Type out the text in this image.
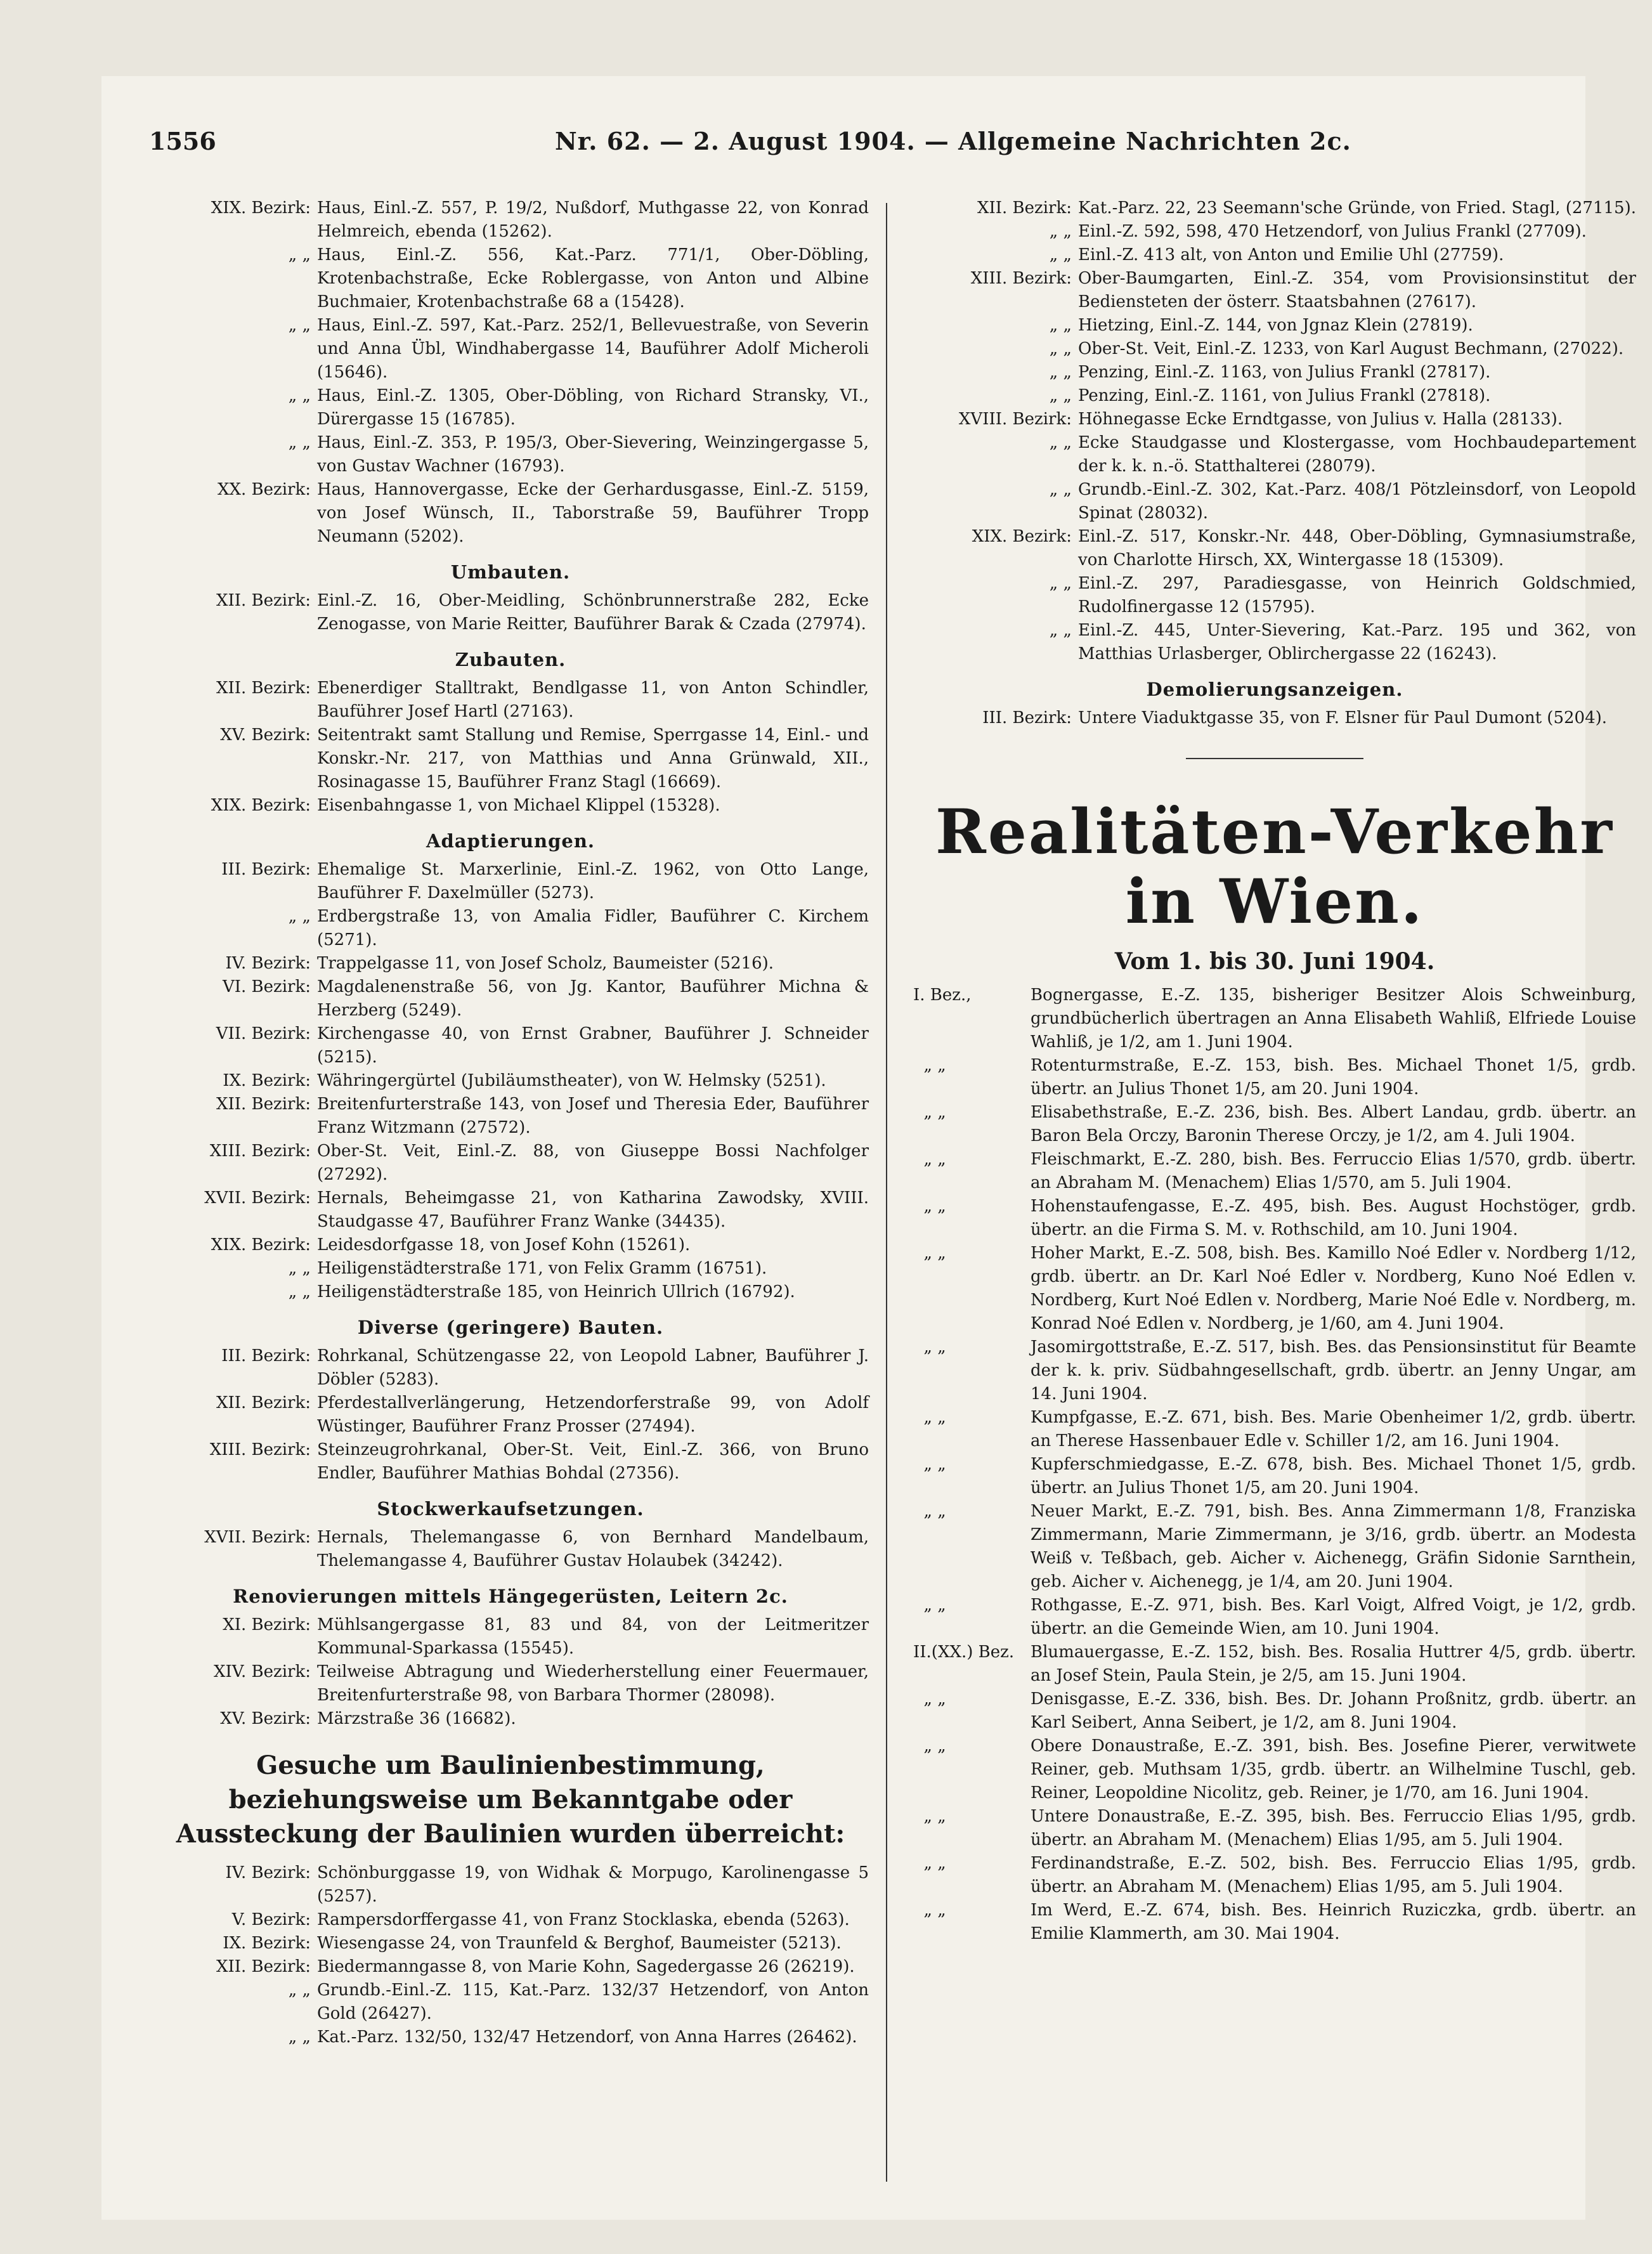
1556	Nr. 62. — 2. August 1904. — Allgemeine Nachrichten 2c.
XIX. Bezirk: Haus, Einl.-Z. 557, P. 19/2, Nußdorf, Muthgasse 22, von Konrad Helmreich, ebenda (15262).
„ „ Haus, Einl.-Z. 556, Kat.-Parz. 771/1, Ober-Döbling, Krotenbachstraße, Ecke Roblergasse, von Anton und Albine Buchmaier, Krotenbachstraße 68 a (15428).
„ „ Haus, Einl.-Z. 597, Kat.-Parz. 252/1, Bellevuestraße, von Severin und Anna Übl, Windhabergasse 14, Bauführer Adolf Micheroli (15646).
„ „ Haus, Einl.-Z. 1305, Ober-Döbling, von Richard Stransky, VI., Dürergasse 15 (16785).
„ „ Haus, Einl.-Z. 353, P. 195/3, Ober-Sievering, Weinzingergasse 5, von Gustav Wachner (16793).
XX. Bezirk: Haus, Hannovergasse, Ecke der Gerhardusgasse, Einl.-Z. 5159, von Josef Wünsch, II., Taborstraße 59, Bauführer Tropp Neumann (5202).
Umbauten.
XII. Bezirk: Einl.-Z. 16, Ober-Meidling, Schönbrunnerstraße 282, Ecke Zenogasse, von Marie Reitter, Bauführer Barak & Czada (27974).
Zubauten.
XII. Bezirk: Ebenerdiger Stalltrakt, Bendlgasse 11, von Anton Schindler, Bauführer Josef Hartl (27163).
XV. Bezirk: Seitentrakt samt Stallung und Remise, Sperrgasse 14, Einl.- und Konskr.-Nr. 217, von Matthias und Anna Grünwald, XII., Rosinagasse 15, Bauführer Franz Stagl (16669).
XIX. Bezirk: Eisenbahngasse 1, von Michael Klippel (15328).
Adaptierungen.
III. Bezirk: Ehemalige St. Marxerlinie, Einl.-Z. 1962, von Otto Lange, Bauführer F. Daxelmüller (5273).
„ „ Erdbergstraße 13, von Amalia Fidler, Bauführer C. Kirchem (5271).
IV. Bezirk: Trappelgasse 11, von Josef Scholz, Baumeister (5216).
VI. Bezirk: Magdalenenstraße 56, von Jg. Kantor, Bauführer Michna & Herzberg (5249).
VII. Bezirk: Kirchengasse 40, von Ernst Grabner, Bauführer J. Schneider (5215).
IX. Bezirk: Währingergürtel (Jubiläumstheater), von W. Helmsky (5251).
XII. Bezirk: Breitenfurterstraße 143, von Josef und Theresia Eder, Bauführer Franz Witzmann (27572).
XIII. Bezirk: Ober-St. Veit, Einl.-Z. 88, von Giuseppe Bossi Nachfolger (27292).
XVII. Bezirk: Hernals, Beheimgasse 21, von Katharina Zawodsky, XVIII. Staudgasse 47, Bauführer Franz Wanke (34435).
XIX. Bezirk: Leidesdorfgasse 18, von Josef Kohn (15261).
„ „ Heiligenstädterstraße 171, von Felix Gramm (16751).
„ „ Heiligenstädterstraße 185, von Heinrich Ullrich (16792).
Diverse (geringere) Bauten.
III. Bezirk: Rohrkanal, Schützengasse 22, von Leopold Labner, Bauführer J. Döbler (5283).
XII. Bezirk: Pferdestallverlängerung, Hetzendorferstraße 99, von Adolf Wüstinger, Bauführer Franz Prosser (27494).
XIII. Bezirk: Steinzeugrohrkanal, Ober-St. Veit, Einl.-Z. 366, von Bruno Endler, Bauführer Mathias Bohdal (27356).
Stockwerkaufsetzungen.
XVII. Bezirk: Hernals, Thelemangasse 6, von Bernhard Mandelbaum, Thelemangasse 4, Bauführer Gustav Holaubek (34242).
Renovierungen mittels Hängegerüsten, Leitern 2c.
XI. Bezirk: Mühlsangergasse 81, 83 und 84, von der Leitmeritzer Kommunal-Sparkassa (15545).
XIV. Bezirk: Teilweise Abtragung und Wiederherstellung einer Feuermauer, Breitenfurterstraße 98, von Barbara Thormer (28098).
XV. Bezirk: Märzstraße 36 (16682).
Gesuche um Baulinienbestimmung, beziehungsweise um Bekanntgabe oder Aussteckung der Baulinien wurden überreicht:
IV. Bezirk: Schönburggasse 19, von Widhak & Morpugo, Karolinengasse 5 (5257).
V. Bezirk: Rampersdorffergasse 41, von Franz Stocklaska, ebenda (5263).
IX. Bezirk: Wiesengasse 24, von Traunfeld & Berghof, Baumeister (5213).
XII. Bezirk: Biedermanngasse 8, von Marie Kohn, Sagedergasse 26 (26219).
„ „ Grundb.-Einl.-Z. 115, Kat.-Parz. 132/37 Hetzendorf, von Anton Gold (26427).
„ „ Kat.-Parz. 132/50, 132/47 Hetzendorf, von Anna Harres (26462).
XII. Bezirk: Kat.-Parz. 22, 23 Seemann'sche Gründe, von Fried. Stagl, (27115).
„ „ Einl.-Z. 592, 598, 470 Hetzendorf, von Julius Frankl (27709).
„ „ Einl.-Z. 413 alt, von Anton und Emilie Uhl (27759).
XIII. Bezirk: Ober-Baumgarten, Einl.-Z. 354, vom Provisionsinstitut der Bediensteten der österr. Staatsbahnen (27617).
„ „ Hietzing, Einl.-Z. 144, von Jgnaz Klein (27819).
„ „ Ober-St. Veit, Einl.-Z. 1233, von Karl August Bechmann, (27022).
„ „ Penzing, Einl.-Z. 1163, von Julius Frankl (27817).
„ „ Penzing, Einl.-Z. 1161, von Julius Frankl (27818).
XVIII. Bezirk: Höhnegasse Ecke Erndtgasse, von Julius v. Halla (28133).
„ „ Ecke Staudgasse und Klostergasse, vom Hochbaudepartement der k. k. n.-ö. Statthalterei (28079).
„ „ Grundb.-Einl.-Z. 302, Kat.-Parz. 408/1 Pötzleinsdorf, von Leopold Spinat (28032).
XIX. Bezirk: Einl.-Z. 517, Konskr.-Nr. 448, Ober-Döbling, Gymnasiumstraße, von Charlotte Hirsch, XX, Wintergasse 18 (15309).
„ „ Einl.-Z. 297, Paradiesgasse, von Heinrich Goldschmied, Rudolfinergasse 12 (15795).
„ „ Einl.-Z. 445, Unter-Sievering, Kat.-Parz. 195 und 362, von Matthias Urlasberger, Oblirchergasse 22 (16243).
Demolierungsanzeigen.
III. Bezirk: Untere Viaduktgasse 35, von F. Elsner für Paul Dumont (5204).
Realitäten-Verkehr in Wien.
Vom 1. bis 30. Juni 1904.
I. Bez.,	Bognergasse, E.-Z. 135, bisheriger Besitzer Alois Schweinburg, grundbücherlich übertragen an Anna Elisabeth Wahliß, Elfriede Louise Wahliß, je 1/2, am 1. Juni 1904.
„ „	Rotenturmstraße, E.-Z. 153, bish. Bes. Michael Thonet 1/5, grdb. übertr. an Julius Thonet 1/5, am 20. Juni 1904.
„ „	Elisabethstraße, E.-Z. 236, bish. Bes. Albert Landau, grdb. übertr. an Baron Bela Orczy, Baronin Therese Orczy, je 1/2, am 4. Juli 1904.
„ „	Fleischmarkt, E.-Z. 280, bish. Bes. Ferruccio Elias 1/570, grdb. übertr. an Abraham M. (Menachem) Elias 1/570, am 5. Juli 1904.
„ „	Hohenstaufengasse, E.-Z. 495, bish. Bes. August Hochstöger, grdb. übertr. an die Firma S. M. v. Rothschild, am 10. Juni 1904.
„ „	Hoher Markt, E.-Z. 508, bish. Bes. Kamillo Noé Edler v. Nordberg 1/12, grdb. übertr. an Dr. Karl Noé Edler v. Nordberg, Kuno Noé Edlen v. Nordberg, Kurt Noé Edlen v. Nordberg, Marie Noé Edle v. Nordberg, m. Konrad Noé Edlen v. Nordberg, je 1/60, am 4. Juni 1904.
„ „	Jasomirgottstraße, E.-Z. 517, bish. Bes. das Pensionsinstitut für Beamte der k. k. priv. Südbahngesellschaft, grdb. übertr. an Jenny Ungar, am 14. Juni 1904.
„ „	Kumpfgasse, E.-Z. 671, bish. Bes. Marie Obenheimer 1/2, grdb. übertr. an Therese Hassenbauer Edle v. Schiller 1/2, am 16. Juni 1904.
„ „	Kupferschmiedgasse, E.-Z. 678, bish. Bes. Michael Thonet 1/5, grdb. übertr. an Julius Thonet 1/5, am 20. Juni 1904.
„ „	Neuer Markt, E.-Z. 791, bish. Bes. Anna Zimmermann 1/8, Franziska Zimmermann, Marie Zimmermann, je 3/16, grdb. übertr. an Modesta Weiß v. Teßbach, geb. Aicher v. Aichenegg, Gräfin Sidonie Sarnthein, geb. Aicher v. Aichenegg, je 1/4, am 20. Juni 1904.
„ „	Rothgasse, E.-Z. 971, bish. Bes. Karl Voigt, Alfred Voigt, je 1/2, grdb. übertr. an die Gemeinde Wien, am 10. Juni 1904.
II.(XX.) Bez. Blumauergasse, E.-Z. 152, bish. Bes. Rosalia Huttrer 4/5, grdb. übertr. an Josef Stein, Paula Stein, je 2/5, am 15. Juni 1904.
„ „	Denisgasse, E.-Z. 336, bish. Bes. Dr. Johann Proßnitz, grdb. übertr. an Karl Seibert, Anna Seibert, je 1/2, am 8. Juni 1904.
„ „	Obere Donaustraße, E.-Z. 391, bish. Bes. Josefine Pierer, verwitwete Reiner, geb. Muthsam 1/35, grdb. übertr. an Wilhelmine Tuschl, geb. Reiner, Leopoldine Nicolitz, geb. Reiner, je 1/70, am 16. Juni 1904.
„ „	Untere Donaustraße, E.-Z. 395, bish. Bes. Ferruccio Elias 1/95, grdb. übertr. an Abraham M. (Menachem) Elias 1/95, am 5. Juli 1904.
„ „	Ferdinandstraße, E.-Z. 502, bish. Bes. Ferruccio Elias 1/95, grdb. übertr. an Abraham M. (Menachem) Elias 1/95, am 5. Juli 1904.
„ „	Im Werd, E.-Z. 674, bish. Bes. Heinrich Ruziczka, grdb. übertr. an Emilie Klammerth, am 30. Mai 1904.
